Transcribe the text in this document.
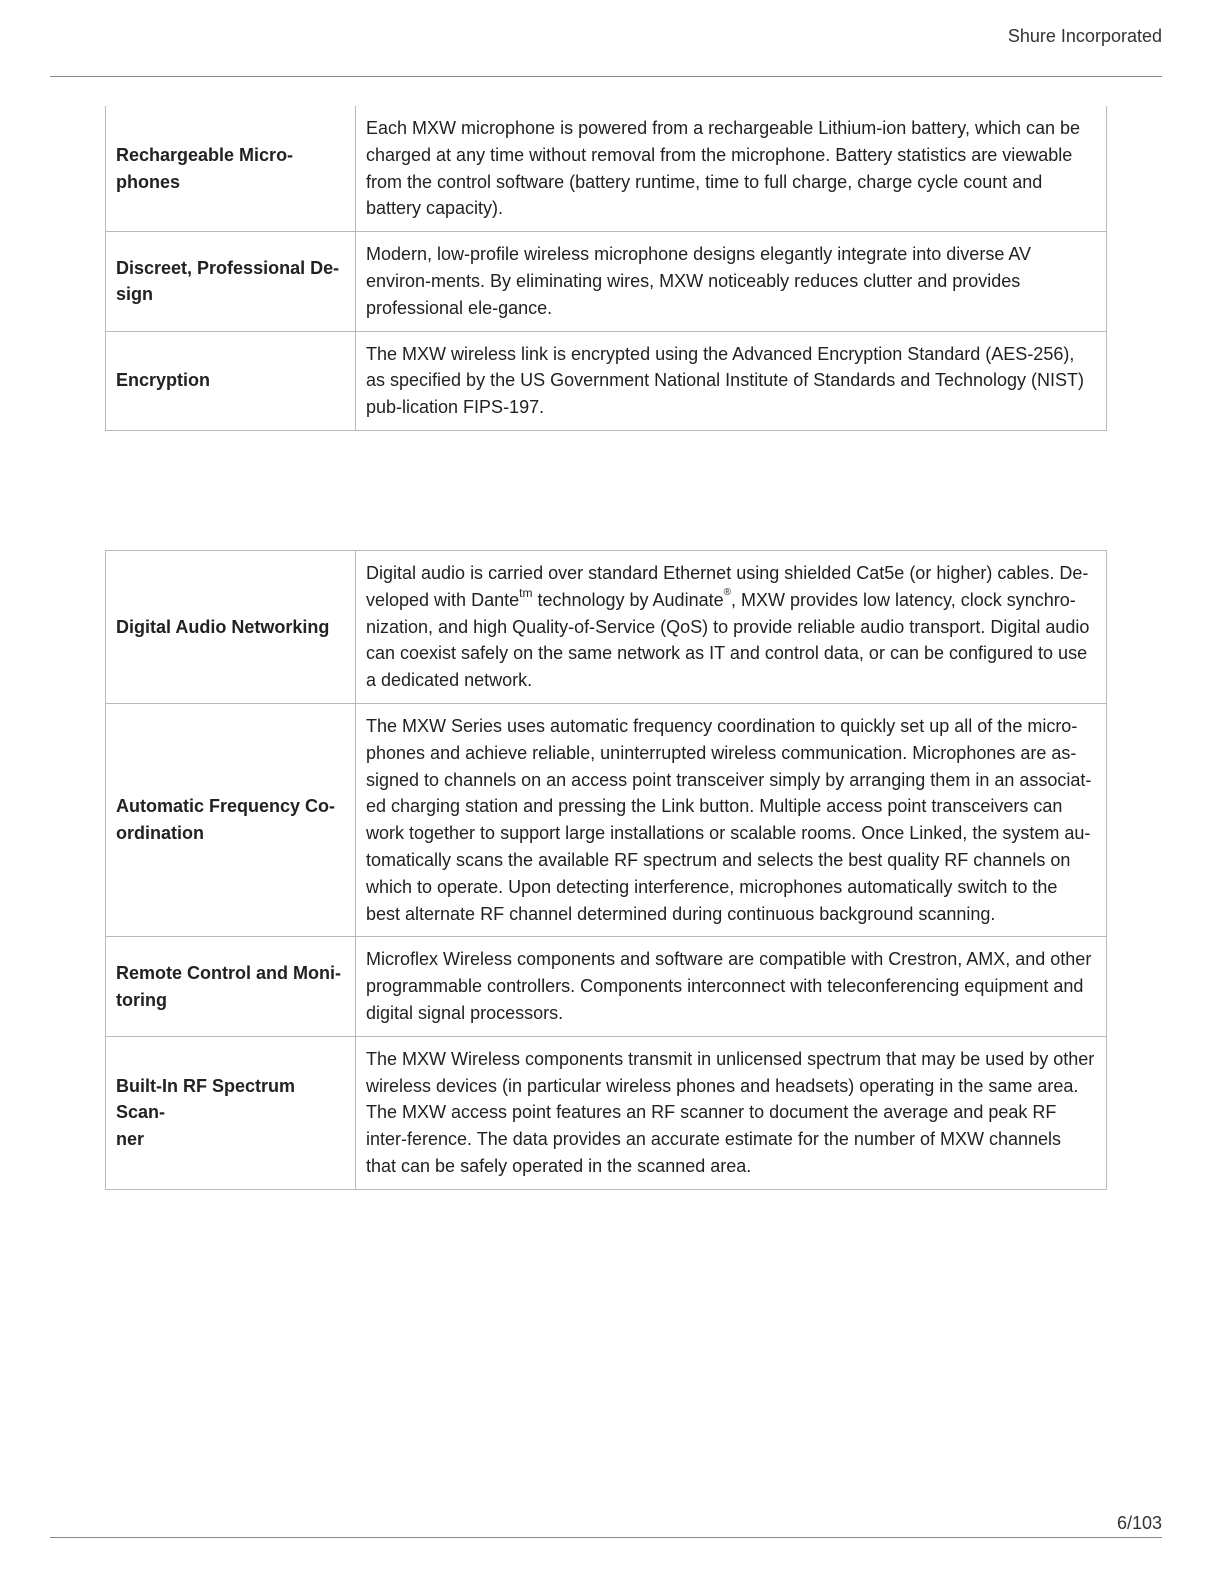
Shure Incorporated
Rechargeable Micro-
phones	Each MXW microphone is powered from a rechargeable Lithium-ion battery, which can be charged at any time without removal from the microphone. Battery statistics are viewable from the control software (battery runtime, time to full charge, charge cycle count and battery capacity).
Discreet, Professional De-
sign	Modern, low-profile wireless microphone designs elegantly integrate into diverse AV environ-ments. By eliminating wires, MXW noticeably reduces clutter and provides professional ele-gance.
Encryption	The MXW wireless link is encrypted using the Advanced Encryption Standard (AES-256), as specified by the US Government National Institute of Standards and Technology (NIST) pub-lication FIPS-197.
Digital Audio Networking	Digital audio is carried over standard Ethernet using shielded Cat5e (or higher) cables. De-veloped with Dante$^{tm}$ technology by Audinate®, MXW provides low latency, clock synchro-nization, and high Quality-of-Service (QoS) to provide reliable audio transport. Digital audio can coexist safely on the same network as IT and control data, or can be configured to use a dedicated network.
Automatic Frequency Co-
ordination	The MXW Series uses automatic frequency coordination to quickly set up all of the micro-phones and achieve reliable, uninterrupted wireless communication. Microphones are as-signed to channels on an access point transceiver simply by arranging them in an associat-ed charging station and pressing the Link button. Multiple access point transceivers can work together to support large installations or scalable rooms. Once Linked, the system au-tomatically scans the available RF spectrum and selects the best quality RF channels on which to operate. Upon detecting interference, microphones automatically switch to the best alternate RF channel determined during continuous background scanning.
Remote Control and Moni-
toring	Microflex Wireless components and software are compatible with Crestron, AMX, and other programmable controllers. Components interconnect with teleconferencing equipment and digital signal processors.
Built-In RF Spectrum Scan-
ner	The MXW Wireless components transmit in unlicensed spectrum that may be used by other wireless devices (in particular wireless phones and headsets) operating in the same area. The MXW access point features an RF scanner to document the average and peak RF inter-ference. The data provides an accurate estimate for the number of MXW channels that can be safely operated in the scanned area.
6/103
